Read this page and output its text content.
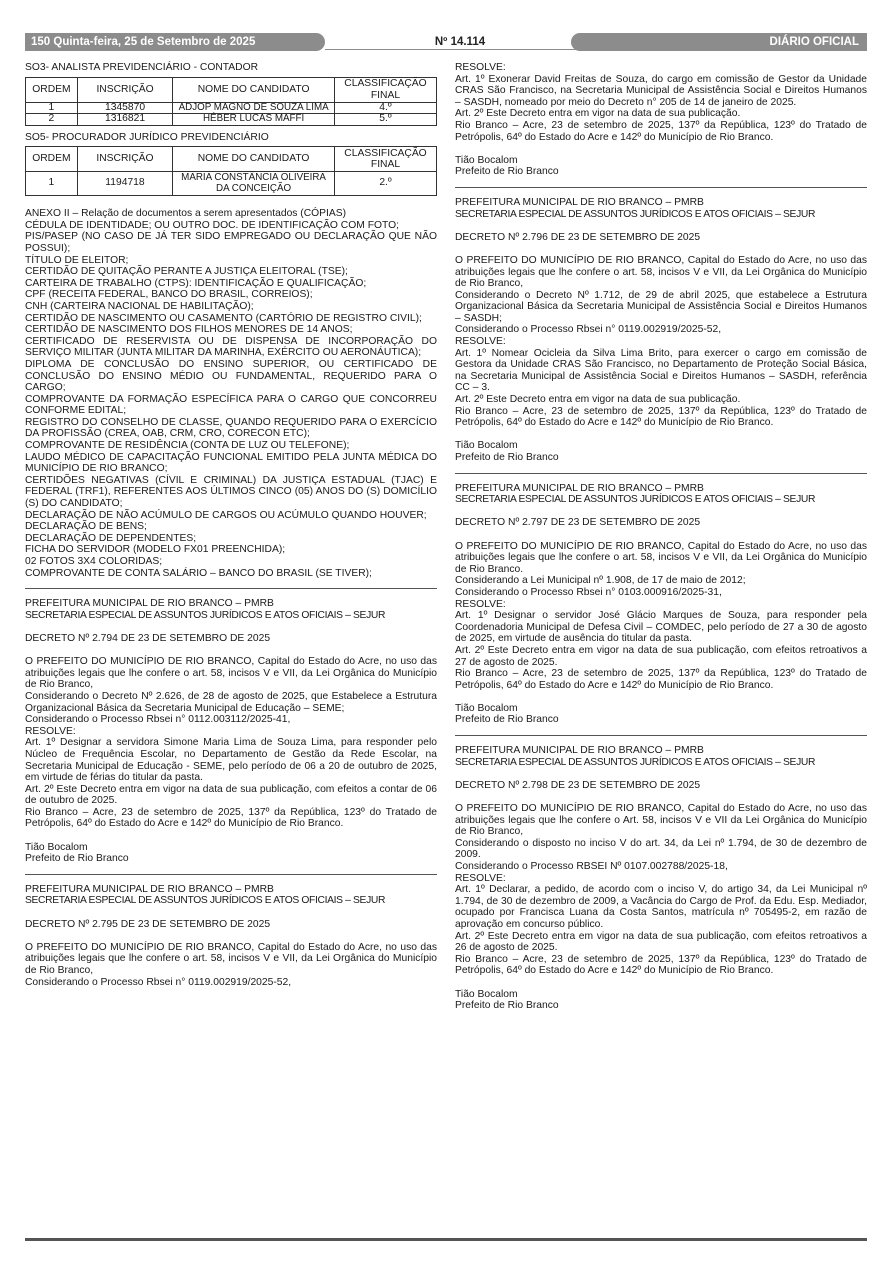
150 Quinta-feira, 25 de Setembro de 2025	Nº 14.114	DIÁRIO OFICIAL

SO3- ANALISTA PREVIDENCIÁRIO - CONTADOR

ORDEM	INSCRIÇÃO	NOME DO CANDIDATO	CLASSIFICAÇÃO FINAL
1	1345870	ADJOP MAGNO DE SOUZA LIMA	4.º
2	1316821	HÉBER LUCAS MAFFI	5.º

SO5- PROCURADOR JURÍDICO PREVIDENCIÁRIO

ORDEM	INSCRIÇÃO	NOME DO CANDIDATO	CLASSIFICAÇÃO FINAL
1	1194718	MARIA CONSTÂNCIA OLIVEIRA DA CONCEIÇÃO	2.º

ANEXO II – Relação de documentos a serem apresentados (CÓPIAS)

CÉDULA DE IDENTIDADE; OU OUTRO DOC. DE IDENTIFICAÇÃO COM FOTO;

PIS/PASEP (NO CASO DE JÁ TER SIDO EMPREGADO OU DECLARAÇÃO QUE NÃO POSSUI);

TÍTULO DE ELEITOR;

CERTIDÃO DE QUITAÇÃO PERANTE A JUSTIÇA ELEITORAL (TSE);

CARTEIRA DE TRABALHO (CTPS): IDENTIFICAÇÃO E QUALIFICAÇÃO;

CPF (RECEITA FEDERAL, BANCO DO BRASIL, CORREIOS);

CNH (CARTEIRA NACIONAL DE HABILITAÇÃO);

CERTIDÃO DE NASCIMENTO OU CASAMENTO (CARTÓRIO DE REGISTRO CIVIL);

CERTIDÃO DE NASCIMENTO DOS FILHOS MENORES DE 14 ANOS;

CERTIFICADO DE RESERVISTA OU DE DISPENSA DE INCORPORAÇÃO DO SERVIÇO MILITAR (JUNTA MILITAR DA MARINHA, EXÉRCITO OU AERONÁUTICA);

DIPLOMA DE CONCLUSÃO DO ENSINO SUPERIOR, OU CERTIFICADO DE CONCLUSÃO DO ENSINO MÉDIO OU FUNDAMENTAL, REQUERIDO PARA O CARGO;

COMPROVANTE DA FORMAÇÃO ESPECÍFICA PARA O CARGO QUE CONCORREU CONFORME EDITAL;

REGISTRO DO CONSELHO DE CLASSE, QUANDO REQUERIDO PARA O EXERCÍCIO DA PROFISSÃO (CREA, OAB, CRM, CRO, CORECON ETC);

COMPROVANTE DE RESIDÊNCIA (CONTA DE LUZ OU TELEFONE);

LAUDO MÉDICO DE CAPACITAÇÃO FUNCIONAL EMITIDO PELA JUNTA MÉDICA DO MUNICÍPIO DE RIO BRANCO;

CERTIDÕES NEGATIVAS (CÍVIL E CRIMINAL) DA JUSTIÇA ESTADUAL (TJAC) E FEDERAL (TRF1), REFERENTES AOS ÚLTIMOS CINCO (05) ANOS DO (S) DOMICÍLIO (S) DO CANDIDATO;

DECLARAÇÃO DE NÃO ACÚMULO DE CARGOS OU ACÚMULO QUANDO HOUVER;

DECLARAÇÃO DE BENS;

DECLARAÇÃO DE DEPENDENTES;

FICHA DO SERVIDOR (MODELO FX01 PREENCHIDA);

02 FOTOS 3X4 COLORIDAS;

COMPROVANTE DE CONTA SALÁRIO – BANCO DO BRASIL (SE TIVER);

PREFEITURA MUNICIPAL DE RIO BRANCO – PMRB

SECRETARIA ESPECIAL DE ASSUNTOS JURÍDICOS E ATOS OFICIAIS – SEJUR

DECRETO Nº 2.794 DE 23 DE SETEMBRO DE 2025

O PREFEITO DO MUNICÍPIO DE RIO BRANCO, Capital do Estado do Acre, no uso das atribuições legais que lhe confere o art. 58, incisos V e VII, da Lei Orgânica do Município de Rio Branco,

Considerando o Decreto Nº 2.626, de 28 de agosto de 2025, que Estabelece a Estrutura Organizacional Básica da Secretaria Municipal de Educação – SEME;

Considerando o Processo Rbsei n° 0112.003112/2025-41,

RESOLVE:

Art. 1º Designar a servidora Simone Maria Lima de Souza Lima, para responder pelo Núcleo de Frequência Escolar, no Departamento de Gestão da Rede Escolar, na Secretaria Municipal de Educação - SEME, pelo período de 06 a 20 de outubro de 2025, em virtude de férias do titular da pasta.

Art. 2º Este Decreto entra em vigor na data de sua publicação, com efeitos a contar de 06 de outubro de 2025.

Rio Branco – Acre, 23 de setembro de 2025, 137º da República, 123º do Tratado de Petrópolis, 64º do Estado do Acre e 142º do Município de Rio Branco.

Tião Bocalom

Prefeito de Rio Branco

PREFEITURA MUNICIPAL DE RIO BRANCO – PMRB

SECRETARIA ESPECIAL DE ASSUNTOS JURÍDICOS E ATOS OFICIAIS – SEJUR

DECRETO Nº 2.795 DE 23 DE SETEMBRO DE 2025

O PREFEITO DO MUNICÍPIO DE RIO BRANCO, Capital do Estado do Acre, no uso das atribuições legais que lhe confere o art. 58, incisos V e VII, da Lei Orgânica do Município de Rio Branco,

Considerando o Processo Rbsei n° 0119.002919/2025-52,

RESOLVE:

Art. 1º Exonerar David Freitas de Souza, do cargo em comissão de Gestor da Unidade CRAS São Francisco, na Secretaria Municipal de Assistência Social e Direitos Humanos – SASDH, nomeado por meio do Decreto n° 205 de 14 de janeiro de 2025.

Art. 2º Este Decreto entra em vigor na data de sua publicação.

Rio Branco – Acre, 23 de setembro de 2025, 137º da República, 123º do Tratado de Petrópolis, 64º do Estado do Acre e 142º do Município de Rio Branco.

Tião Bocalom

Prefeito de Rio Branco

PREFEITURA MUNICIPAL DE RIO BRANCO – PMRB

SECRETARIA ESPECIAL DE ASSUNTOS JURÍDICOS E ATOS OFICIAIS – SEJUR

DECRETO Nº 2.796 DE 23 DE SETEMBRO DE 2025

O PREFEITO DO MUNICÍPIO DE RIO BRANCO, Capital do Estado do Acre, no uso das atribuições legais que lhe confere o art. 58, incisos V e VII, da Lei Orgânica do Município de Rio Branco,

Considerando o Decreto Nº 1.712, de 29 de abril 2025, que estabelece a Estrutura Organizacional Básica da Secretaria Municipal de Assistência Social e Direitos Humanos – SASDH;

Considerando o Processo Rbsei n° 0119.002919/2025-52,

RESOLVE:

Art. 1º Nomear Ocicleia da Silva Lima Brito, para exercer o cargo em comissão de Gestora da Unidade CRAS São Francisco, no Departamento de Proteção Social Básica, na Secretaria Municipal de Assistência Social e Direitos Humanos – SASDH, referência CC – 3.

Art. 2º Este Decreto entra em vigor na data de sua publicação.

Rio Branco – Acre, 23 de setembro de 2025, 137º da República, 123º do Tratado de Petrópolis, 64º do Estado do Acre e 142º do Município de Rio Branco.

Tião Bocalom

Prefeito de Rio Branco

PREFEITURA MUNICIPAL DE RIO BRANCO – PMRB

SECRETARIA ESPECIAL DE ASSUNTOS JURÍDICOS E ATOS OFICIAIS – SEJUR

DECRETO Nº 2.797 DE 23 DE SETEMBRO DE 2025

O PREFEITO DO MUNICÍPIO DE RIO BRANCO, Capital do Estado do Acre, no uso das atribuições legais que lhe confere o art. 58, incisos V e VII, da Lei Orgânica do Município de Rio Branco.

Considerando a Lei Municipal nº 1.908, de 17 de maio de 2012;

Considerando o Processo Rbsei n° 0103.000916/2025-31,

RESOLVE:

Art. 1º Designar o servidor José Glácio Marques de Souza, para responder pela Coordenadoria Municipal de Defesa Civil – COMDEC, pelo período de 27 a 30 de agosto de 2025, em virtude de ausência do titular da pasta.

Art. 2º Este Decreto entra em vigor na data de sua publicação, com efeitos retroativos a 27 de agosto de 2025.

Rio Branco – Acre, 23 de setembro de 2025, 137º da República, 123º do Tratado de Petrópolis, 64º do Estado do Acre e 142º do Município de Rio Branco.

Tião Bocalom

Prefeito de Rio Branco

PREFEITURA MUNICIPAL DE RIO BRANCO – PMRB

SECRETARIA ESPECIAL DE ASSUNTOS JURÍDICOS E ATOS OFICIAIS – SEJUR

DECRETO Nº 2.798 DE 23 DE SETEMBRO DE 2025

O PREFEITO DO MUNICÍPIO DE RIO BRANCO, Capital do Estado do Acre, no uso das atribuições legais que lhe confere o Art. 58, incisos V e VII da Lei Orgânica do Município de Rio Branco,

Considerando o disposto no inciso V do art. 34, da Lei nº 1.794, de 30 de dezembro de 2009.

Considerando o Processo RBSEI Nº 0107.002788/2025-18,

RESOLVE:

Art. 1º Declarar, a pedido, de acordo com o inciso V, do artigo 34, da Lei Municipal nº 1.794, de 30 de dezembro de 2009, a Vacância do Cargo de Prof. da Edu. Esp. Mediador, ocupado por Francisca Luana da Costa Santos, matrícula nº 705495-2, em razão de aprovação em concurso público.

Art. 2º Este Decreto entra em vigor na data de sua publicação, com efeitos retroativos a 26 de agosto de 2025.

Rio Branco – Acre, 23 de setembro de 2025, 137º da República, 123º do Tratado de Petrópolis, 64º do Estado do Acre e 142º do Município de Rio Branco.

Tião Bocalom

Prefeito de Rio Branco
